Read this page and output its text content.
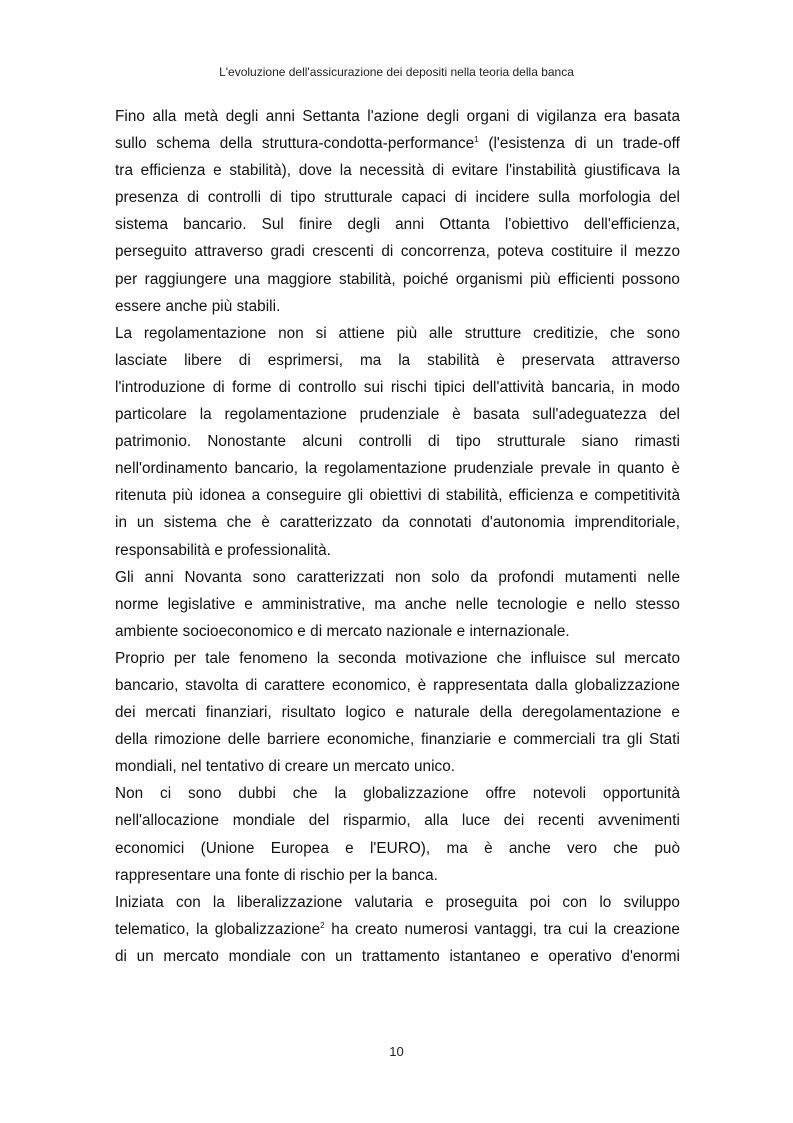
L'evoluzione dell'assicurazione dei depositi nella teoria della banca
Fino alla metà degli anni Settanta l'azione degli organi di vigilanza era basata
sullo schema della struttura-condotta-performance$^1$ (l'esistenza di un trade-off
tra efficienza e stabilità), dove la necessità di evitare l'instabilità giustificava la
presenza di controlli di tipo strutturale capaci di incidere sulla morfologia del
sistema bancario. Sul finire degli anni Ottanta l'obiettivo dell'efficienza,
perseguito attraverso gradi crescenti di concorrenza, poteva costituire il mezzo
per raggiungere una maggiore stabilità, poiché organismi più efficienti possono
essere anche più stabili.
La regolamentazione non si attiene più alle strutture creditizie, che sono
lasciate libere di esprimersi, ma la stabilità è preservata attraverso
l'introduzione di forme di controllo sui rischi tipici dell'attività bancaria, in modo
particolare la regolamentazione prudenziale è basata sull'adeguatezza del
patrimonio. Nonostante alcuni controlli di tipo strutturale siano rimasti
nell'ordinamento bancario, la regolamentazione prudenziale prevale in quanto è
ritenuta più idonea a conseguire gli obiettivi di stabilità, efficienza e competitività
in un sistema che è caratterizzato da connotati d'autonomia imprenditoriale,
responsabilità e professionalità.
Gli anni Novanta sono caratterizzati non solo da profondi mutamenti nelle
norme legislative e amministrative, ma anche nelle tecnologie e nello stesso
ambiente socioeconomico e di mercato nazionale e internazionale.
Proprio per tale fenomeno la seconda motivazione che influisce sul mercato
bancario, stavolta di carattere economico, è rappresentata dalla globalizzazione
dei mercati finanziari, risultato logico e naturale della deregolamentazione e
della rimozione delle barriere economiche, finanziarie e commerciali tra gli Stati
mondiali, nel tentativo di creare un mercato unico.
Non ci sono dubbi che la globalizzazione offre notevoli opportunità
nell'allocazione mondiale del risparmio, alla luce dei recenti avvenimenti
economici (Unione Europea e l'EURO), ma è anche vero che può
rappresentare una fonte di rischio per la banca.
Iniziata con la liberalizzazione valutaria e proseguita poi con lo sviluppo
telematico, la globalizzazione$^2$ ha creato numerosi vantaggi, tra cui la creazione
di un mercato mondiale con un trattamento istantaneo e operativo d'enormi
10
